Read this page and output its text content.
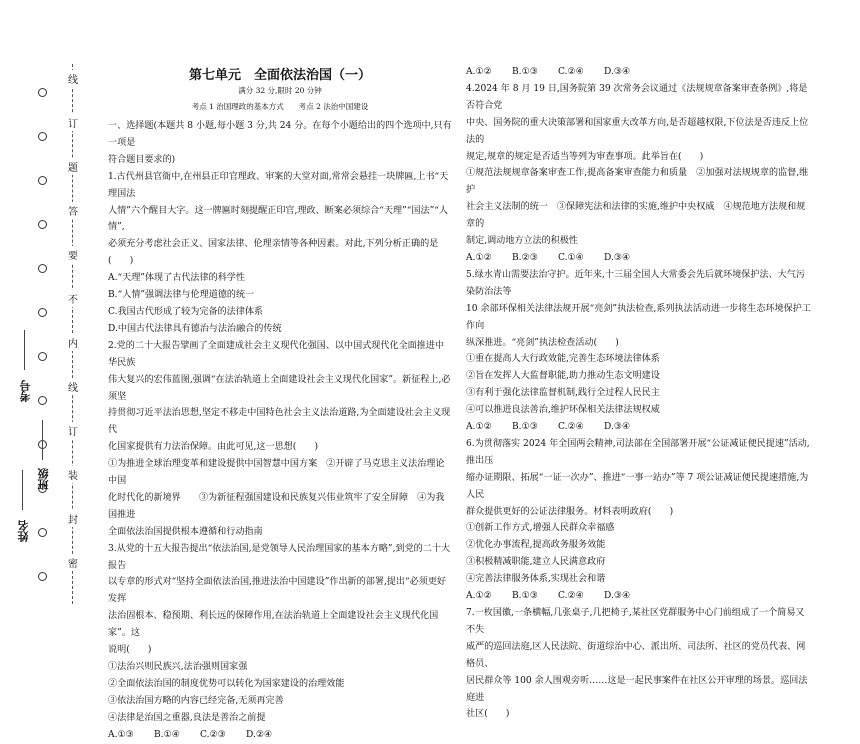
线
订
题
答
要
不
内
线
订
装
封
密
考号
班级
姓名
第七单元　全面依法治国（一）
满分 32 分,限时 20 分钟
考点 1 治国理政的基本方式　　考点 2 法治中国建设

一、选择题(本题共 8 小题,每小题 3 分,共 24 分。在每个小题给出的四个选项中,只有一项是

符合题目要求的)

1.古代州县官衙中,在州县正印官理政、审案的大堂对面,常常会悬挂一块牌匾,上书“天理国法

人情”六个醒目大字。这一牌匾时刻提醒正印官,理政、断案必须综合“天理”“国法”“人情”,

必须充分考虑社会正义、国家法律、伦理亲情等各种因素。对此,下列分析正确的是(　　)

A.“天理”体现了古代法律的科学性

B.“人情”强调法律与伦理道德的统一

C.我国古代形成了较为完备的法律体系

D.中国古代法律具有德治与法治融合的传统

2.党的二十大报告擘画了全面建成社会主义现代化强国、以中国式现代化全面推进中华民族

伟大复兴的宏伟蓝图,强调“在法治轨道上全面建设社会主义现代化国家”。新征程上,必须坚

持贯彻习近平法治思想,坚定不移走中国特色社会主义法治道路,为全面建设社会主义现代

化国家提供有力法治保障。由此可见,这一思想(　　)

①为推进全球治理变革和建设提供中国智慧中国方案　②开辟了马克思主义法治理论中国

化时代化的新境界　　③为新征程强国建设和民族复兴伟业筑牢了安全屏障　④为我国推进

全面依法治国提供根本遵循和行动指南

3.从党的十五大报告提出“依法治国,是党领导人民治理国家的基本方略”,到党的二十大报告

以专章的形式对“坚持全面依法治国,推进法治中国建设”作出新的部署,提出“必须更好发挥

法治固根本、稳预期、利长远的保障作用,在法治轨道上全面建设社会主义现代化国家”。这

说明(　　)

①法治兴则民族兴,法治强则国家强

②全面依法治国的制度优势可以转化为国家建设的治理效能

③依法治国方略的内容已经完备,无须再完善

④法律是治国之重器,良法是善治之前提

A.①③	B.①④	C.②③	D.②④
A.①②	B.①③	C.②④	D.③④

4.2024 年 8 月 19 日,国务院第 39 次常务会议通过《法规规章备案审查条例》,将是否符合党

中央、国务院的重大决策部署和国家重大改革方向,是否超越权限,下位法是否违反上位法的

规定,规章的规定是否适当等列为审查事项。此举旨在(　　)

①规范法规规章备案审查工作,提高备案审查能力和质量　②加强对法规规章的监督,维护

社会主义法制的统一　③保障宪法和法律的实施,维护中央权威　④规范地方法规和规章的

制定,调动地方立法的积极性

A.①②	B.②③	C.①④	D.③④

5.绿水青山需要法治守护。近年来,十三届全国人大常委会先后就环境保护法、大气污染防治法等

10 余部环保相关法律法规开展“亮剑”执法检查,系列执法活动进一步将生态环境保护工作向

纵深推进。“亮剑”执法检查活动(　　)

①重在提高人大行政效能,完善生态环境法律体系

②旨在发挥人大监督职能,助力推动生态文明建设

③有利于强化法律监督机制,践行全过程人民民主

④可以推进良法善治,维护环保相关法律法规权威

A.①②	B.①③	C.②④	D.③④

6.为贯彻落实 2024 年全国两会精神,司法部在全国部署开展“公证减证便民提速”活动,推出压

缩办证期限、拓展“一证一次办”、推进“一事一站办”等 7 项公证减证便民提速措施,为人民

群众提供更好的公证法律服务。材料表明政府(　　)

①创新工作方式,增强人民群众幸福感

②优化办事流程,提高政务服务效能

③积极精减职能,建立人民满意政府

④完善法律服务体系,实现社会和谐

A.①②	B.①③	C.②④	D.③④

7.一枚国徽,一条横幅,几张桌子,几把椅子,某社区党群服务中心门前组成了一个简易又不失

威严的巡回法庭,区人民法院、街道综治中心、派出所、司法所、社区的党员代表、网格员、

居民群众等 100 余人围观旁听……这是一起民事案件在社区公开审理的场景。巡回法庭进

社区(　　)
